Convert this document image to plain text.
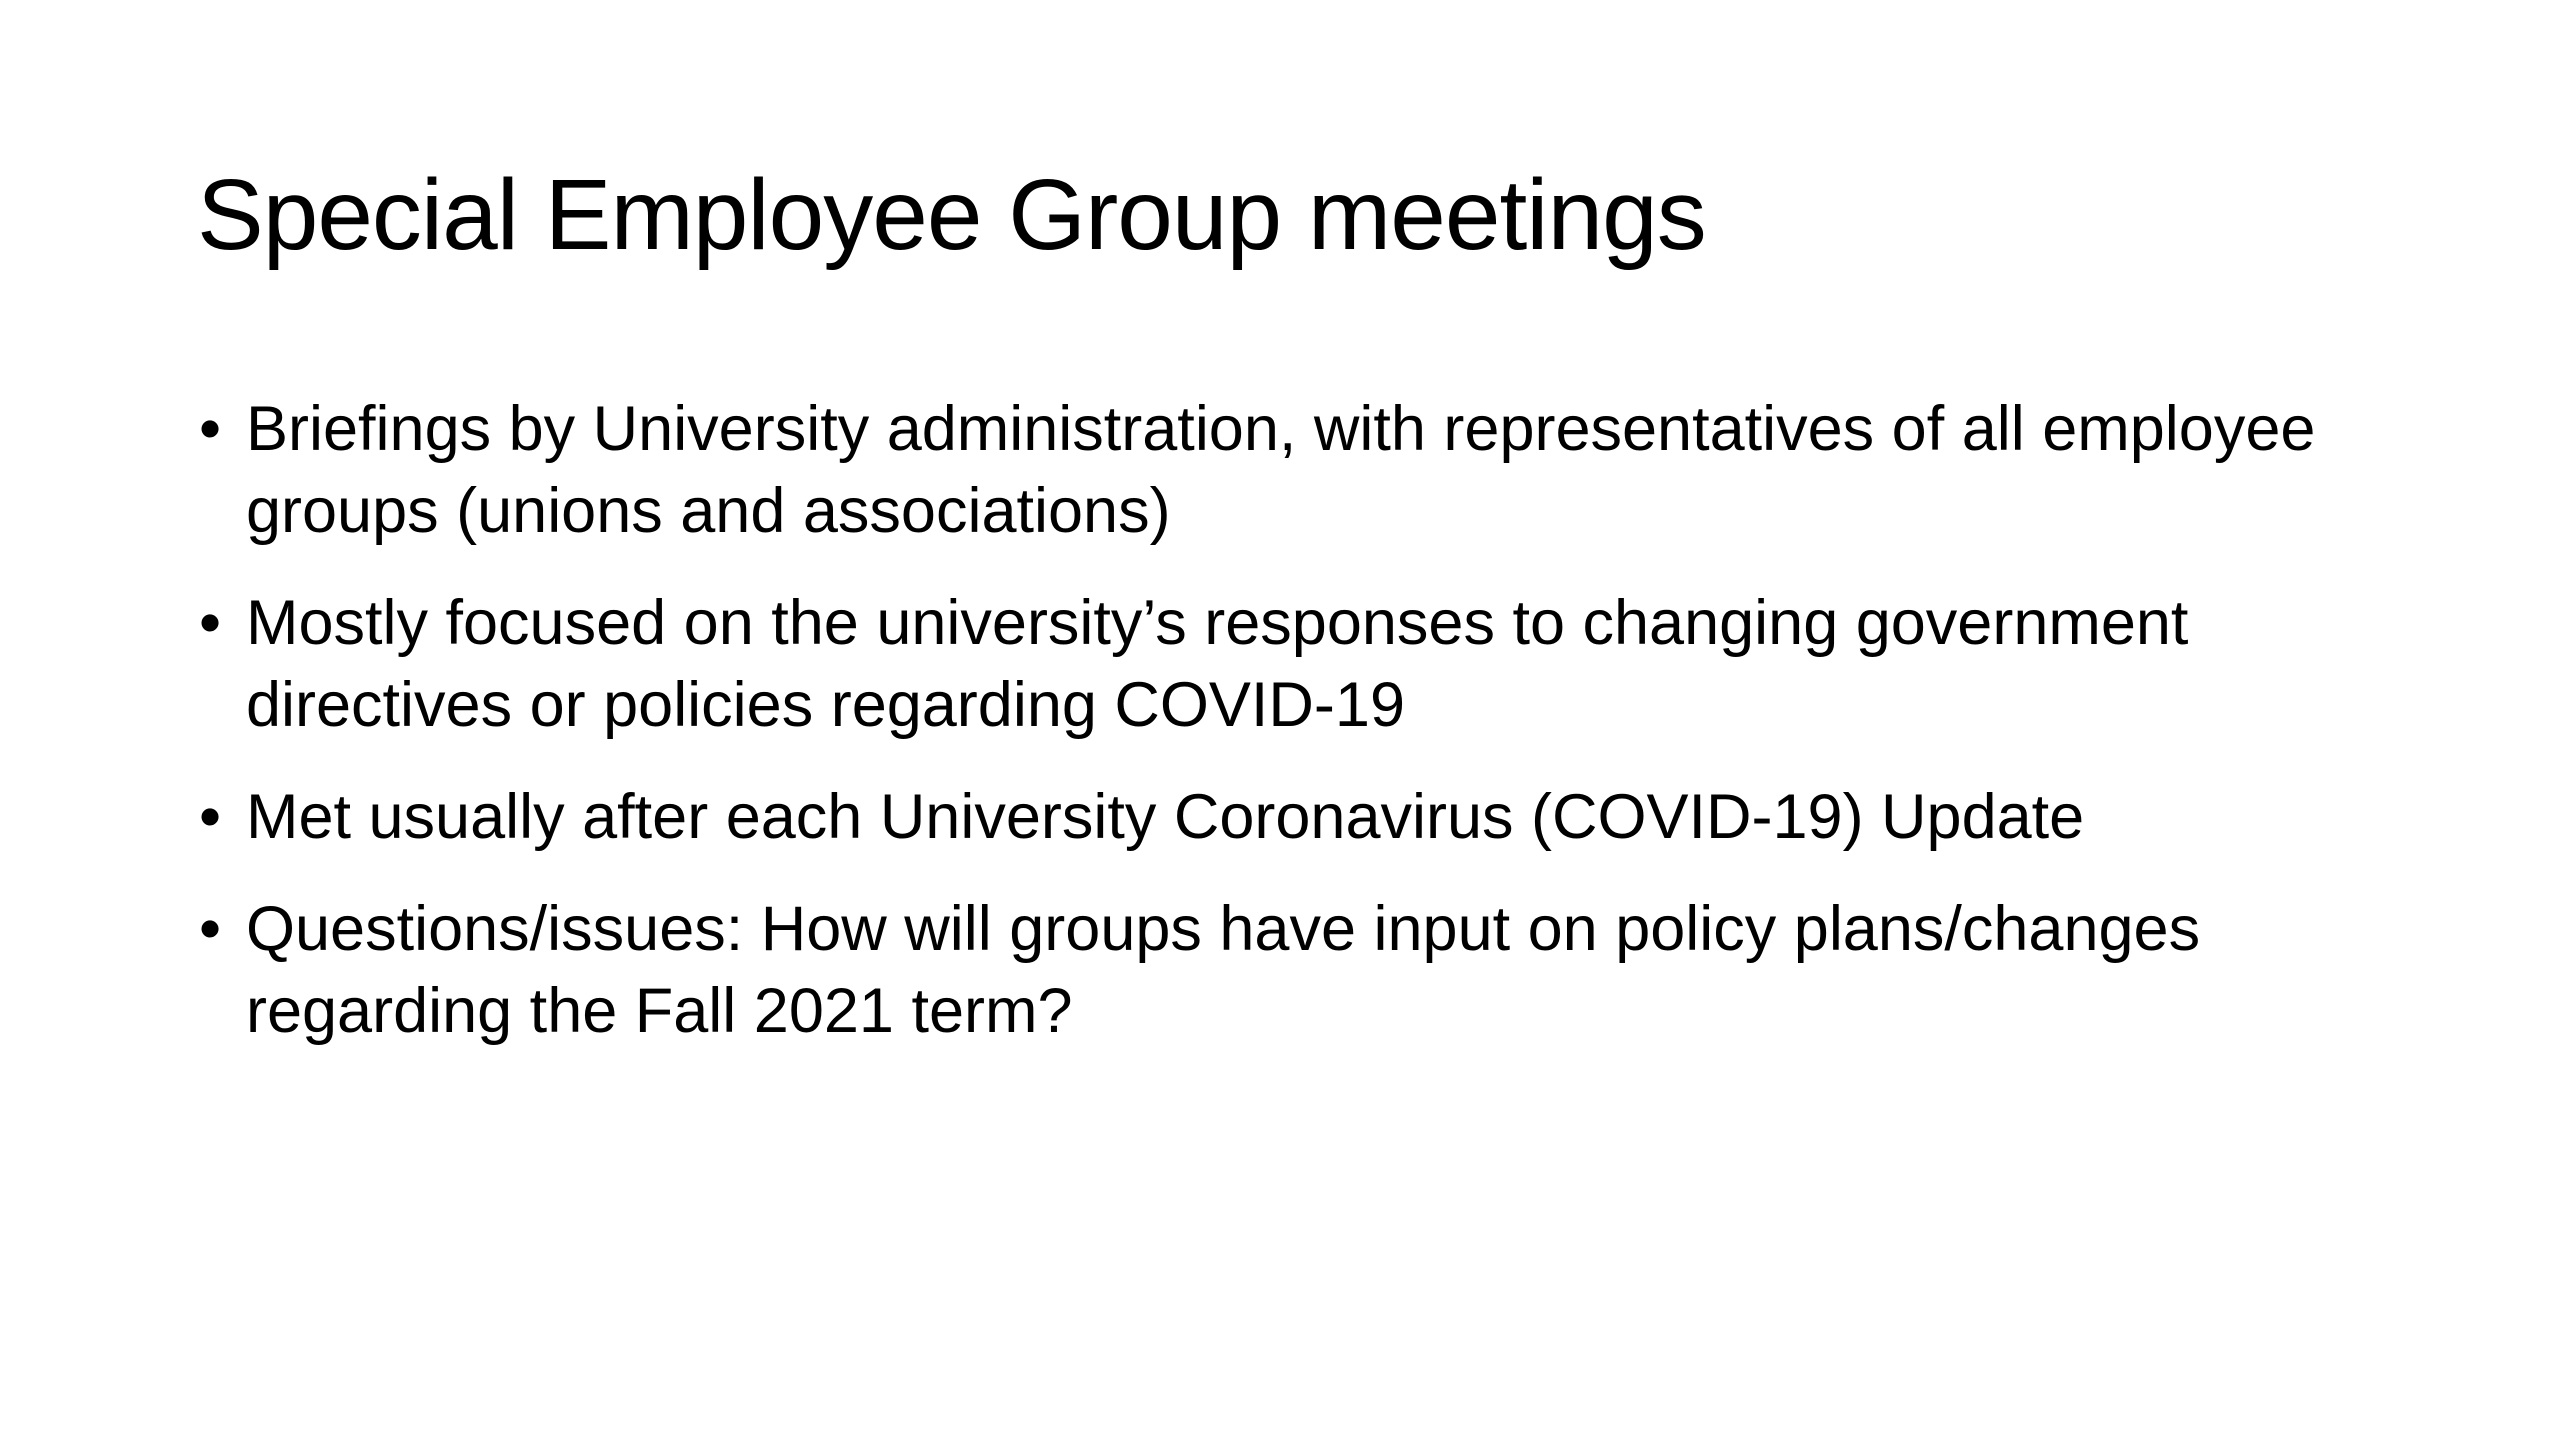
Special Employee Group meetings
• Briefings by University administration, with representatives of all employee groups (unions and associations)
• Mostly focused on the university’s responses to changing government directives or policies regarding COVID-19
• Met usually after each University Coronavirus (COVID-19) Update
• Questions/issues: How will groups have input on policy plans/changes regarding the Fall 2021 term?
